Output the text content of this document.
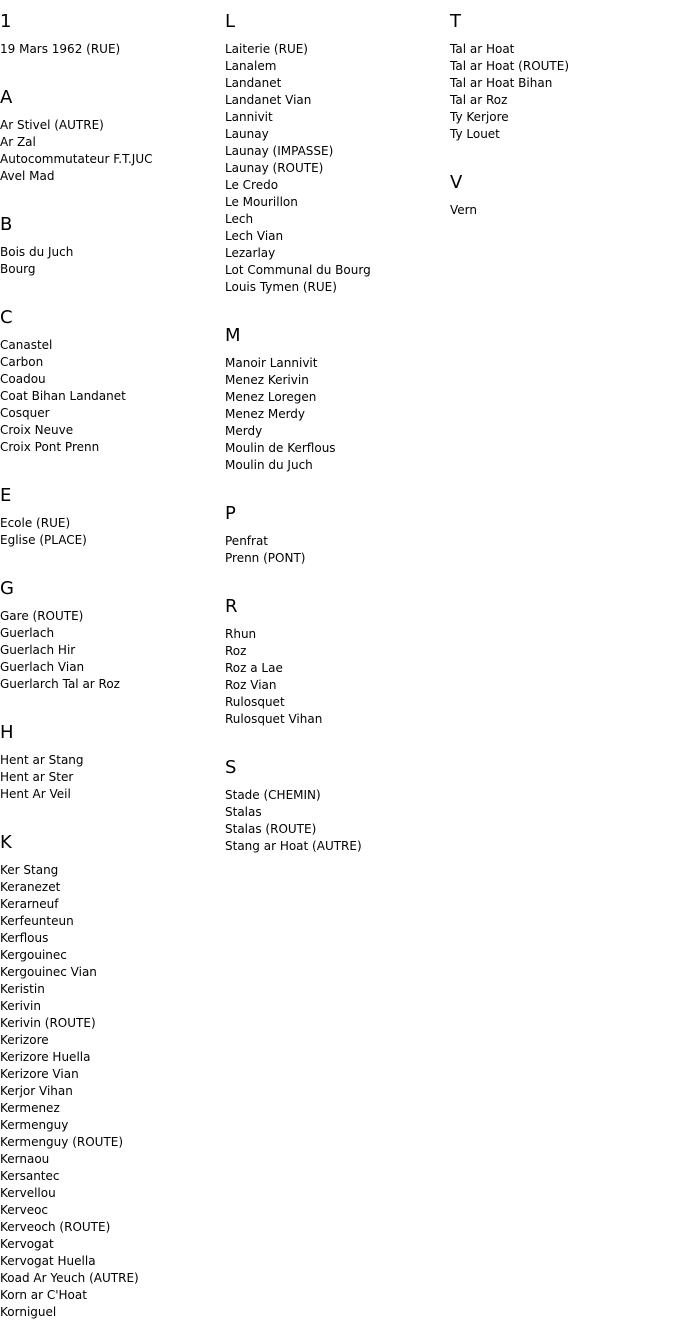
1
19 Mars 1962 (RUE)
A
Ar Stivel (AUTRE)
Ar Zal
Autocommutateur F.T.JUC
Avel Mad
B
Bois du Juch
Bourg
C
Canastel
Carbon
Coadou
Coat Bihan Landanet
Cosquer
Croix Neuve
Croix Pont Prenn
E
Ecole (RUE)
Eglise (PLACE)
G
Gare (ROUTE)
Guerlach
Guerlach Hir
Guerlach Vian
Guerlarch Tal ar Roz
H
Hent ar Stang
Hent ar Ster
Hent Ar Veil
K
Ker Stang
Keranezet
Kerarneuf
Kerfeunteun
Kerflous
Kergouinec
Kergouinec Vian
Keristin
Kerivin
Kerivin (ROUTE)
Kerizore
Kerizore Huella
Kerizore Vian
Kerjor Vihan
Kermenez
Kermenguy
Kermenguy (ROUTE)
Kernaou
Kersantec
Kervellou
Kerveoc
Kerveoch (ROUTE)
Kervogat
Kervogat Huella
Koad Ar Yeuch (AUTRE)
Korn ar C'Hoat
Korniguel
L
Laiterie (RUE)
Lanalem
Landanet
Landanet Vian
Lannivit
Launay
Launay (IMPASSE)
Launay (ROUTE)
Le Credo
Le Mourillon
Lech
Lech Vian
Lezarlay
Lot Communal du Bourg
Louis Tymen (RUE)
M
Manoir Lannivit
Menez Kerivin
Menez Loregen
Menez Merdy
Merdy
Moulin de Kerflous
Moulin du Juch
P
Penfrat
Prenn (PONT)
R
Rhun
Roz
Roz a Lae
Roz Vian
Rulosquet
Rulosquet Vihan
S
Stade (CHEMIN)
Stalas
Stalas (ROUTE)
Stang ar Hoat (AUTRE)
T
Tal ar Hoat
Tal ar Hoat (ROUTE)
Tal ar Hoat Bihan
Tal ar Roz
Ty Kerjore
Ty Louet
V
Vern
